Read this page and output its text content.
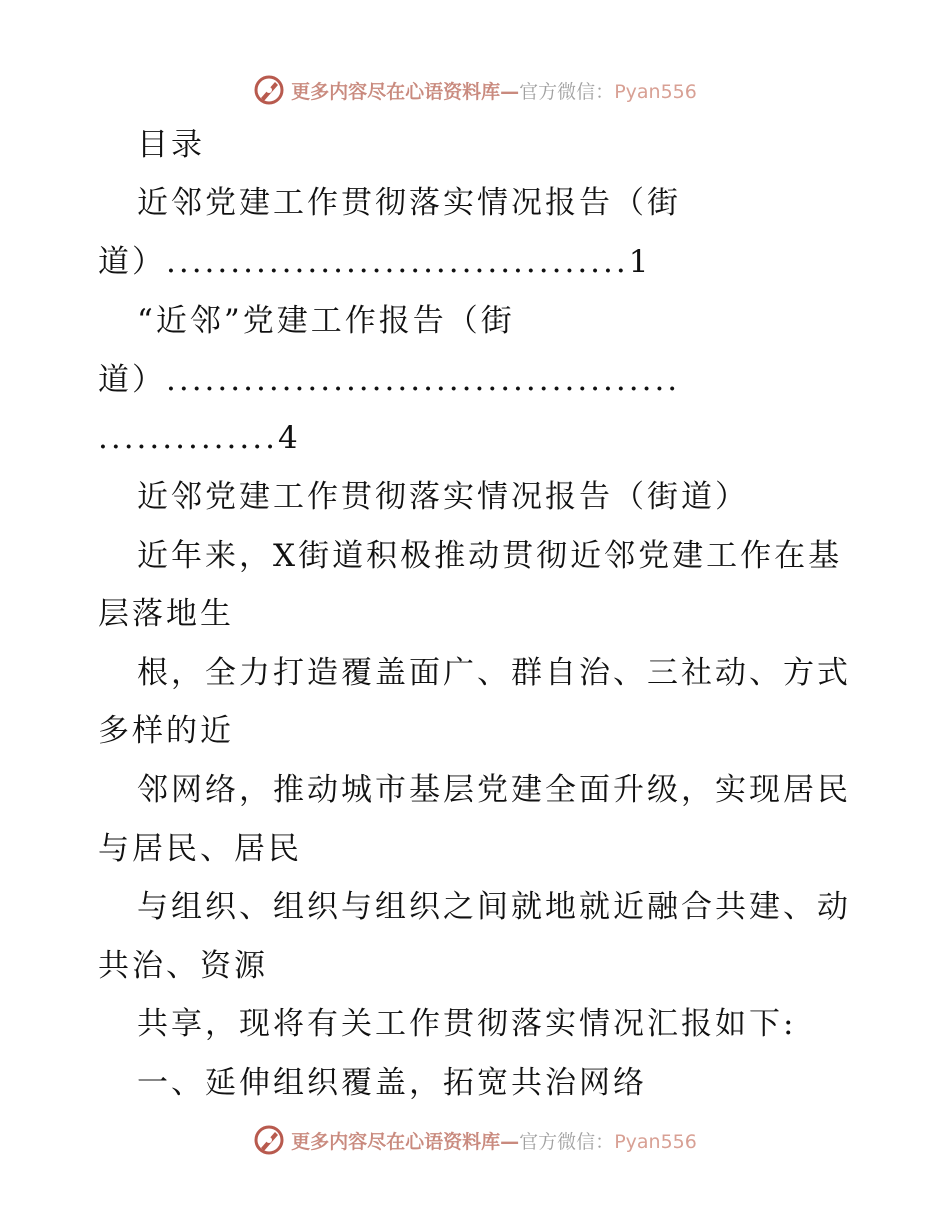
更多内容尽在心语资料库—官方微信：Pyan556
目录
近邻党建工作贯彻落实情况报告（街
道）....................................1
“近邻”党建工作报告（街
道）........................................
..............4
近邻党建工作贯彻落实情况报告（街道）
近年来，X街道积极推动贯彻近邻党建工作在基
层落地生
根，全力打造覆盖面广、群自治、三社动、方式
多样的近
邻网络，推动城市基层党建全面升级，实现居民
与居民、居民
与组织、组织与组织之间就地就近融合共建、动
共治、资源
共享，现将有关工作贯彻落实情况汇报如下:
一、延伸组织覆盖，拓宽共治网络
更多内容尽在心语资料库—官方微信：Pyan556
